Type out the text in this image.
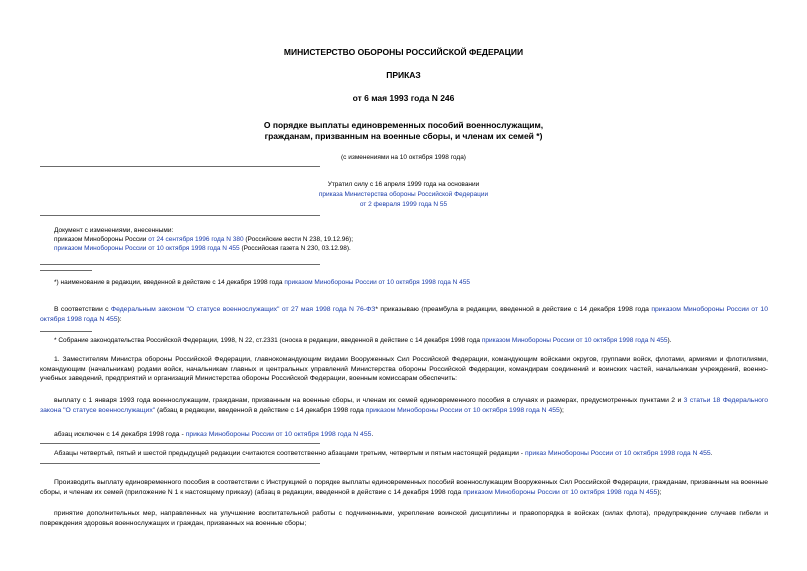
МИНИСТЕРСТВО ОБОРОНЫ РОССИЙСКОЙ ФЕДЕРАЦИИ
ПРИКАЗ
от 6 мая 1993 года N 246
О порядке выплаты единовременных пособий военнослужащим,
гражданам, призванным на военные сборы, и членам их семей *)
(с изменениями на 10 октября 1998 года)
Утратил силу с 16 апреля 1999 года на основании
приказа Министерства обороны Российской Федерации
от 2 февраля 1999 года N 55
Документ с изменениями, внесенными:
приказом Минобороны России от 24 сентября 1996 года N 380 (Российские вести N 238, 19.12.96);
приказом Минобороны России от 10 октября 1998 года N 455 (Российская газета N 230, 03.12.98).
*) наименование в редакции, введенной в действие с 14 декабря 1998 года приказом Минобороны России от 10 октября 1998 года N 455
В соответствии с Федеральным законом "О статусе военнослужащих" от 27 мая 1998 года N 76-ФЗ* приказываю (преамбула в редакции, введенной в действие с 14 декабря 1998 года приказом Минобороны России от 10 октября 1998 года N 455):
* Собрание законодательства Российской Федерации, 1998, N 22, ст.2331 (сноска в редакции, введенной в действие с 14 декабря 1998 года приказом Минобороны России от 10 октября 1998 года N 455).
1. Заместителям Министра обороны Российской Федерации, главнокомандующим видами Вооруженных Сил Российской Федерации, командующим войсками округов, группами войск, флотами, армиями и флотилиями, командующим (начальникам) родами войск, начальникам главных и центральных управлений Министерства обороны Российской Федерации, командирам соединений и воинских частей, начальникам учреждений, военно-учебных заведений, предприятий и организаций Министерства обороны Российской Федерации, военным комиссарам обеспечить:
выплату с 1 января 1993 года военнослужащим, гражданам, призванным на военные сборы, и членам их семей единовременного пособия в случаях и размерах, предусмотренных пунктами 2 и 3 статьи 18 Федерального закона "О статусе военнослужащих" (абзац в редакции, введенной в действие с 14 декабря 1998 года приказом Минобороны России от 10 октября 1998 года N 455);
абзац исключен с 14 декабря 1998 года - приказ Минобороны России от 10 октября 1998 года N 455.
Абзацы четвертый, пятый и шестой предыдущей редакции считаются соответственно абзацами третьим, четвертым и пятым настоящей редакции - приказ Минобороны России от 10 октября 1998 года N 455.
Производить выплату единовременного пособия в соответствии с Инструкцией о порядке выплаты единовременных пособий военнослужащим Вооруженных Сил Российской Федерации, гражданам, призванным на военные сборы, и членам их семей (приложение N 1 к настоящему приказу) (абзац в редакции, введенной в действие с 14 декабря 1998 года приказом Минобороны России от 10 октября 1998 года N 455);
принятие дополнительных мер, направленных на улучшение воспитательной работы с подчиненными, укрепление воинской дисциплины и правопорядка в войсках (силах флота), предупреждение случаев гибели и повреждения здоровья военнослужащих и граждан, призванных на военные сборы;
